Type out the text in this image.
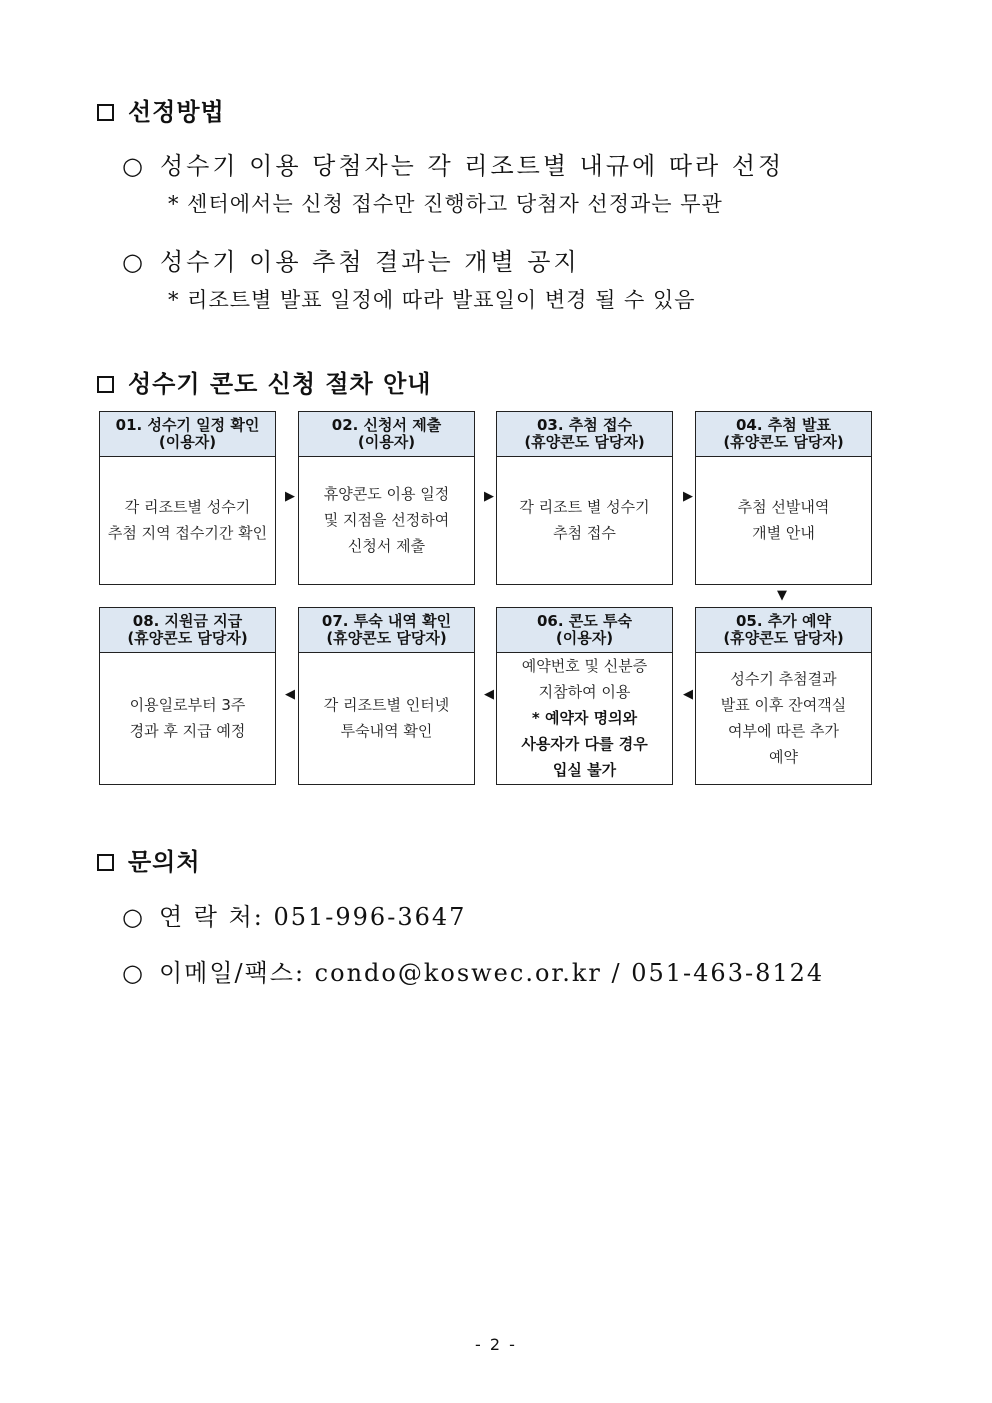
선정방법
○ 성수기 이용 당첨자는 각 리조트별 내규에 따라 선정
* 센터에서는 신청 접수만 진행하고 당첨자 선정과는 무관
○ 성수기 이용 추첨 결과는 개별 공지
* 리조트별 발표 일정에 따라 발표일이 변경 될 수 있음
성수기 콘도 신청 절차 안내
01. 성수기 일정 확인
(이용자)
각 리조트별 성수기
추첨 지역 접수기간 확인
02. 신청서 제출
(이용자)
휴양콘도 이용 일정
및 지점을 선정하여
신청서 제출
03. 추첨 접수
(휴양콘도 담당자)
각 리조트 별 성수기
추첨 접수
04. 추첨 발표
(휴양콘도 담당자)
추첨 선발내역
개별 안내
▶	▶	▶
▼
08. 지원금 지급
(휴양콘도 담당자)
이용일로부터 3주
경과 후 지급 예정
07. 투숙 내역 확인
(휴양콘도 담당자)
각 리조트별 인터넷
투숙내역 확인
06. 콘도 투숙
(이용자)
예약번호 및 신분증
지참하여 이용
* 예약자 명의와
사용자가 다를 경우
입실 불가
05. 추가 예약
(휴양콘도 담당자)
성수기 추첨결과
발표 이후 잔여객실
여부에 따른 추가
예약
◀	◀	◀
문의처
○ 연 락 처: 051-996-3647
○ 이메일/팩스: condo@koswec.or.kr / 051-463-8124
- 2 -
